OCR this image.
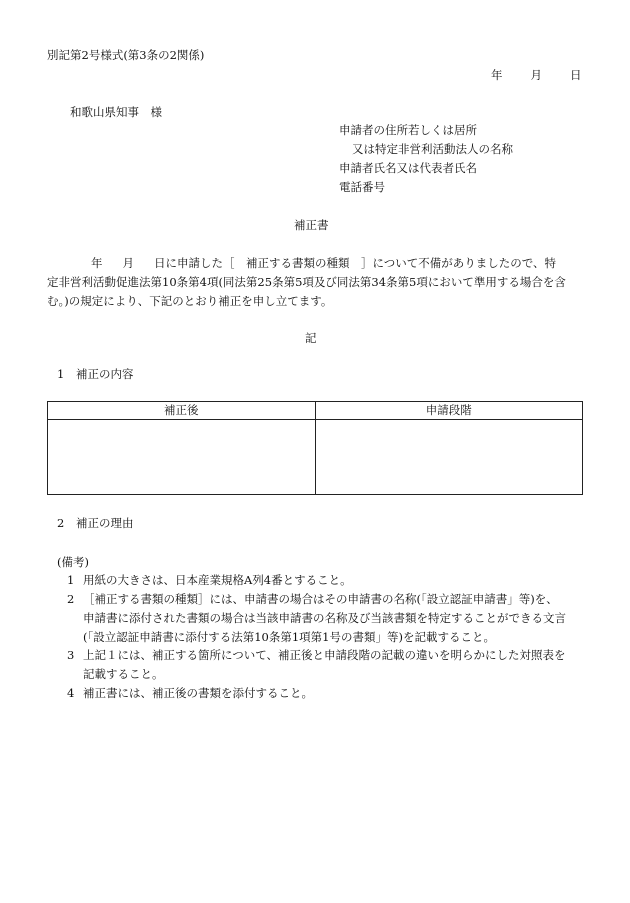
別記第2号様式(第3条の2関係)
年 月 日
和歌山県知事　様
申請者の住所若しくは居所
又は特定非営利活動法人の名称
申請者氏名又は代表者氏名
電話番号
補正書
年 月 日に申請した［　補正する書類の種類　］について不備がありましたので、特
定非営利活動促進法第10条第4項(同法第25条第5項及び同法第34条第5項において準用する場合を含
む。)の規定により、下記のとおり補正を申し立てます。
記
1 補正の内容
補正後	申請段階

2 補正の理由
(備考)
1 用紙の大きさは、日本産業規格A列4番とすること。
2 ［補正する書類の種類］には、申請書の場合はその申請書の名称(「設立認証申請書」等)を、
申請書に添付された書類の場合は当該申請書の名称及び当該書類を特定することができる文言
(「設立認証申請書に添付する法第10条第1項第1号の書類」等)を記載すること。
3 上記１には、補正する箇所について、補正後と申請段階の記載の違いを明らかにした対照表を
記載すること。
4 補正書には、補正後の書類を添付すること。
